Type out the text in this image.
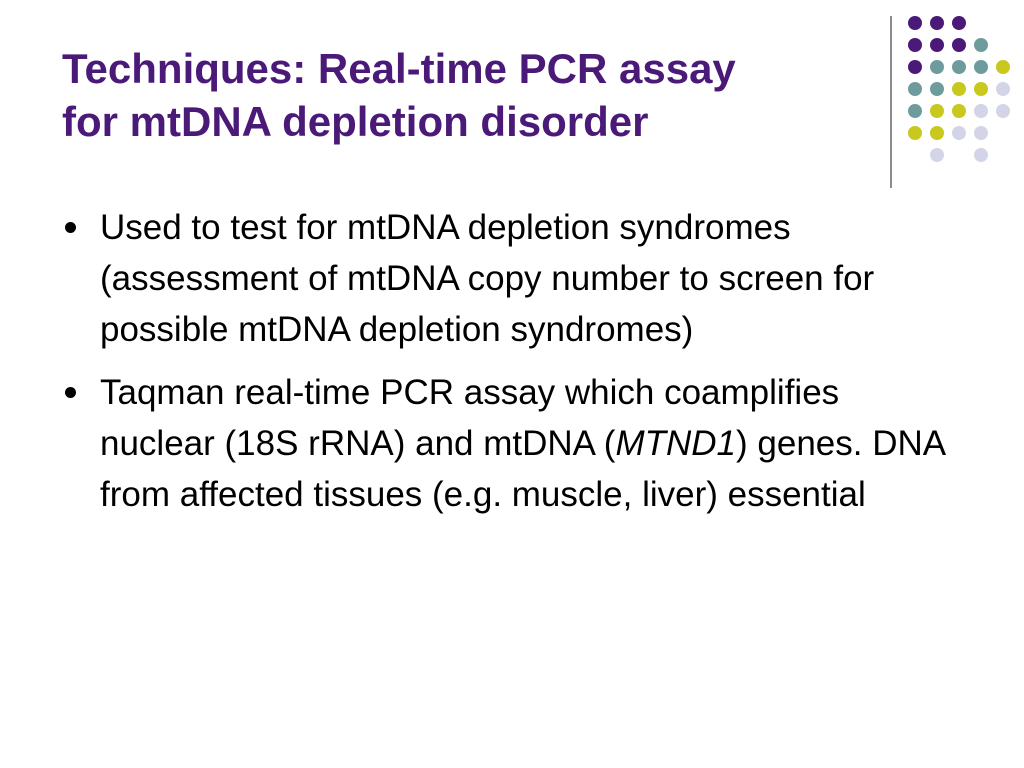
Techniques: Real-time PCR assay
for mtDNA depletion disorder
Used to test for mtDNA depletion syndromes (assessment of mtDNA copy number to screen for possible mtDNA depletion syndromes)
Taqman real-time PCR assay which coamplifies nuclear (18S rRNA) and mtDNA (MTND1) genes. DNA from affected tissues (e.g. muscle, liver) essential
